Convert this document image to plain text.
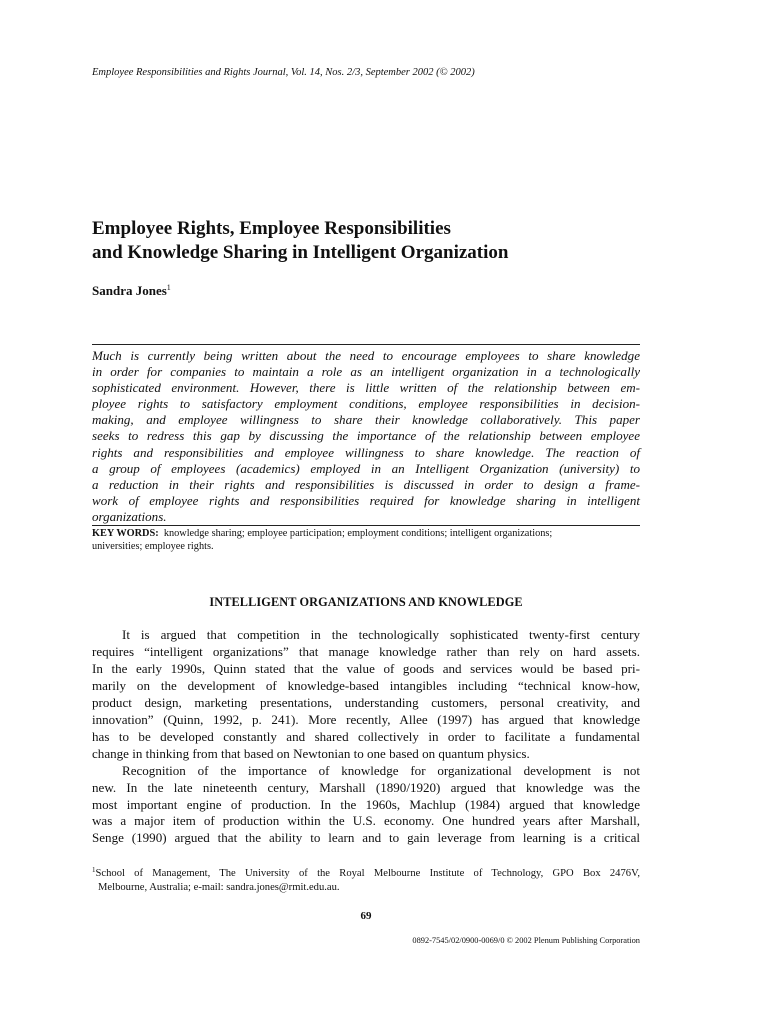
Employee Responsibilities and Rights Journal, Vol. 14, Nos. 2/3, September 2002 (© 2002)
Employee Rights, Employee Responsibilities
and Knowledge Sharing in Intelligent Organization
Sandra Jones$^1$

Much is currently being written about the need to encourage employees to share knowledge
in order for companies to maintain a role as an intelligent organization in a technologically
sophisticated environment. However, there is little written of the relationship between em-
ployee rights to satisfactory employment conditions, employee responsibilities in decision-
making, and employee willingness to share their knowledge collaboratively. This paper
seeks to redress this gap by discussing the importance of the relationship between employee
rights and responsibilities and employee willingness to share knowledge. The reaction of
a group of employees (academics) employed in an Intelligent Organization (university) to
a reduction in their rights and responsibilities is discussed in order to design a frame-
work of employee rights and responsibilities required for knowledge sharing in intelligent
organizations.

KEY WORDS: knowledge sharing; employee participation; employment conditions; intelligent organizations;
universities; employee rights.
INTELLIGENT ORGANIZATIONS AND KNOWLEDGE
It is argued that competition in the technologically sophisticated twenty-first century
requires “intelligent organizations” that manage knowledge rather than rely on hard assets.
In the early 1990s, Quinn stated that the value of goods and services would be based pri-
marily on the development of knowledge-based intangibles including “technical know-how,
product design, marketing presentations, understanding customers, personal creativity, and
innovation” (Quinn, 1992, p. 241). More recently, Allee (1997) has argued that knowledge
has to be developed constantly and shared collectively in order to facilitate a fundamental
change in thinking from that based on Newtonian to one based on quantum physics.
Recognition of the importance of knowledge for organizational development is not
new. In the late nineteenth century, Marshall (1890/1920) argued that knowledge was the
most important engine of production. In the 1960s, Machlup (1984) argued that knowledge
was a major item of production within the U.S. economy. One hundred years after Marshall,
Senge (1990) argued that the ability to learn and to gain leverage from learning is a critical
$^1$School of Management, The University of the Royal Melbourne Institute of Technology, GPO Box 2476V,
Melbourne, Australia; e-mail: sandra.jones@rmit.edu.au.
69
0892-7545/02/0900-0069/0 © 2002 Plenum Publishing Corporation
